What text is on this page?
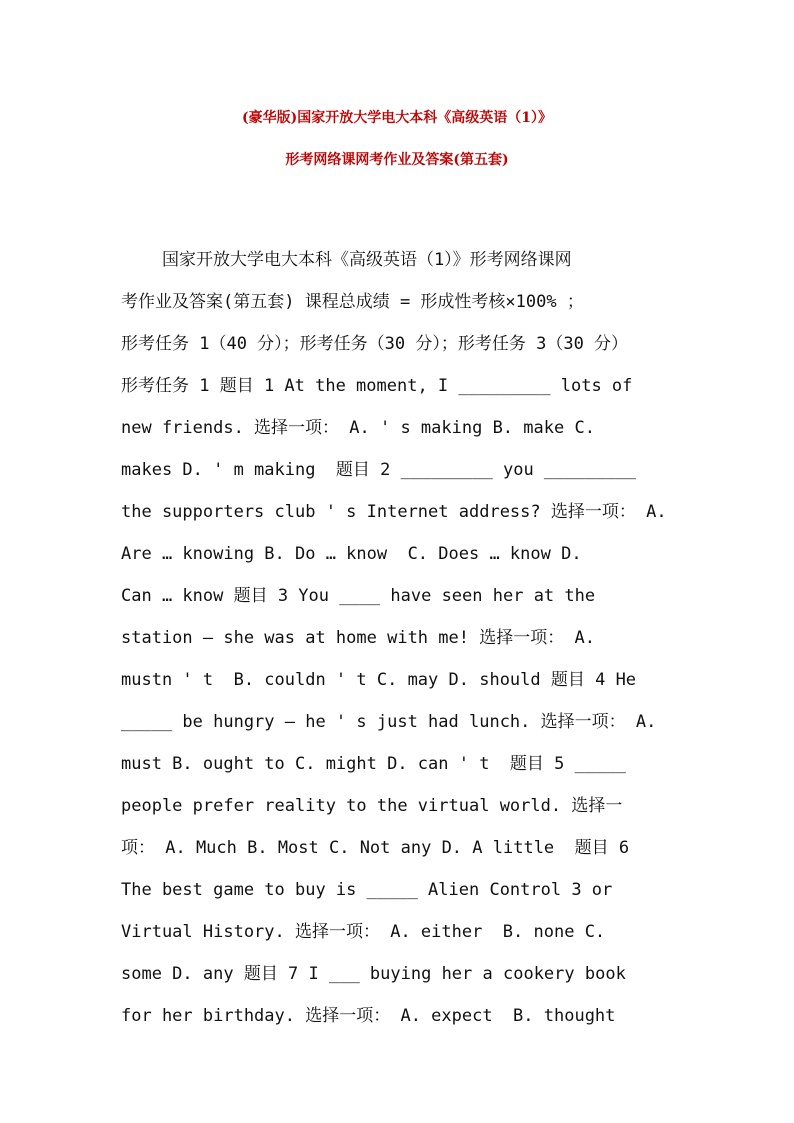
(豪华版)国家开放大学电大本科《高级英语（1）》
形考网络课网考作业及答案(第五套)
国家开放大学电大本科《高级英语（1）》形考网络课网
考作业及答案(第五套) 课程总成绩 = 形成性考核×100% ；
形考任务 1（40 分）；形考任务（30 分）；形考任务 3（30 分）
形考任务 1 题目 1 At the moment, I _________ lots of
new friends. 选择一项： A. ' s making B. make C.
makes D. ' m making  题目 2 _________ you _________
the supporters club ' s Internet address? 选择一项： A.
Are … knowing B. Do … know  C. Does … know D.
Can … know 题目 3 You ____ have seen her at the
station – she was at home with me! 选择一项： A.
mustn ' t  B. couldn ' t C. may D. should 题目 4 He
_____ be hungry – he ' s just had lunch. 选择一项： A.
must B. ought to C. might D. can ' t  题目 5 _____
people prefer reality to the virtual world. 选择一
项： A. Much B. Most C. Not any D. A little  题目 6
The best game to buy is _____ Alien Control 3 or
Virtual History. 选择一项： A. either  B. none C.
some D. any 题目 7 I ___ buying her a cookery book
for her birthday. 选择一项： A. expect  B. thought
